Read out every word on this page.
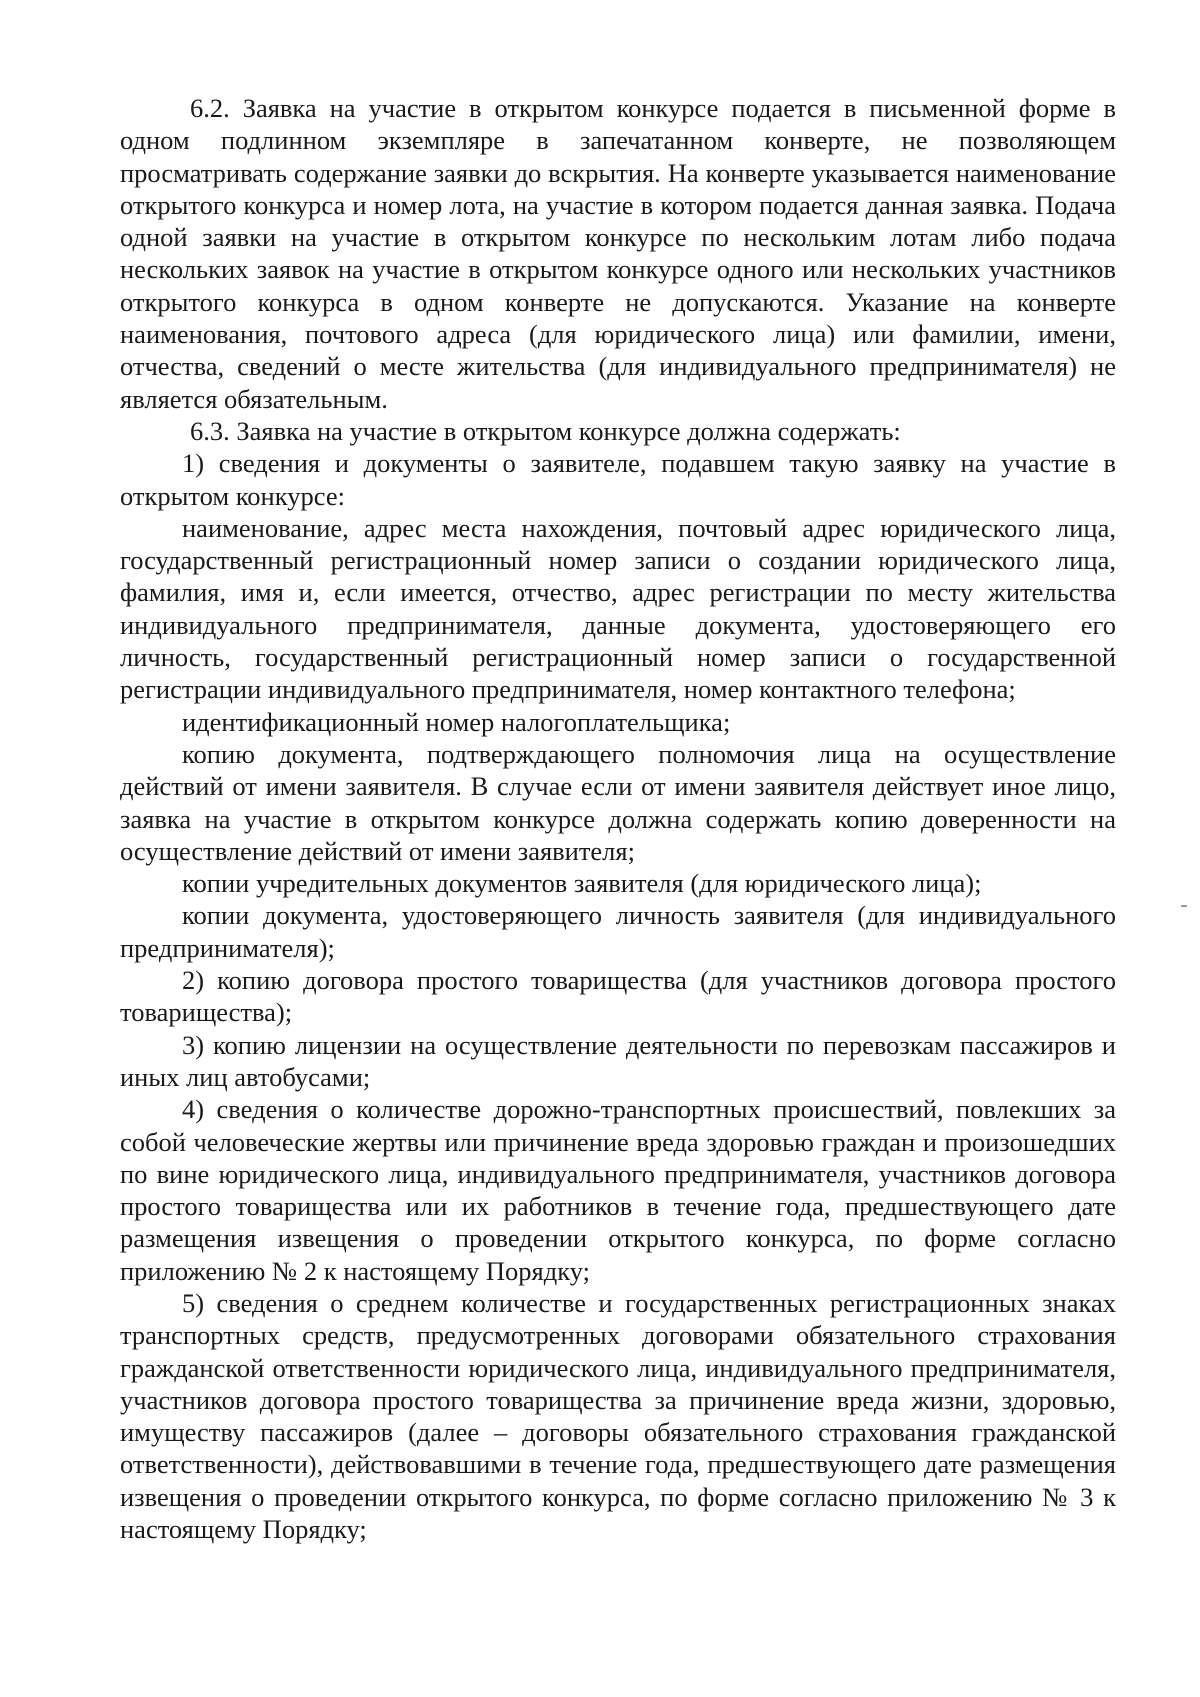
6.2. Заявка на участие в открытом конкурсе подается в письменной форме в одном подлинном экземпляре в запечатанном конверте, не позволяющем просматривать содержание заявки до вскрытия. На конверте указывается наименование открытого конкурса и номер лота, на участие в котором подается данная заявка. Подача одной заявки на участие в открытом конкурсе по нескольким лотам либо подача нескольких заявок на участие в открытом конкурсе одного или нескольких участников открытого конкурса в одном конверте не допускаются. Указание на конверте наименования, почтового адреса (для юридического лица) или фамилии, имени, отчества, сведений о месте жительства (для индивидуального предпринимателя) не является обязательным.

6.3. Заявка на участие в открытом конкурсе должна содержать:

1) сведения и документы о заявителе, подавшем такую заявку на участие в открытом конкурсе:

наименование, адрес места нахождения, почтовый адрес юридического лица, государственный регистрационный номер записи о создании юридического лица, фамилия, имя и, если имеется, отчество, адрес регистрации по месту жительства индивидуального предпринимателя, данные документа, удостоверяющего его личность, государственный регистрационный номер записи о государственной регистрации индивидуального предпринимателя, номер контактного телефона;

идентификационный номер налогоплательщика;

копию документа, подтверждающего полномочия лица на осуществление действий от имени заявителя. В случае если от имени заявителя действует иное лицо, заявка на участие в открытом конкурсе должна содержать копию доверенности на осуществление действий от имени заявителя;

копии учредительных документов заявителя (для юридического лица);

копии документа, удостоверяющего личность заявителя (для индивидуального предпринимателя);

2) копию договора простого товарищества (для участников договора простого товарищества);

3) копию лицензии на осуществление деятельности по перевозкам пассажиров и иных лиц автобусами;

4) сведения о количестве дорожно-транспортных происшествий, повлекших за собой человеческие жертвы или причинение вреда здоровью граждан и произошедших по вине юридического лица, индивидуального предпринимателя, участников договора простого товарищества или их работников в течение года, предшествующего дате размещения извещения о проведении открытого конкурса, по форме согласно приложению № 2 к настоящему Порядку;

5) сведения о среднем количестве и государственных регистрационных знаках транспортных средств, предусмотренных договорами обязательного страхования гражданской ответственности юридического лица, индивидуального предпринимателя, участников договора простого товарищества за причинение вреда жизни, здоровью, имуществу пассажиров (далее – договоры обязательного страхования гражданской ответственности), действовавшими в течение года, предшествующего дате размещения извещения о проведении открытого конкурса, по форме согласно приложению № 3 к настоящему Порядку;
